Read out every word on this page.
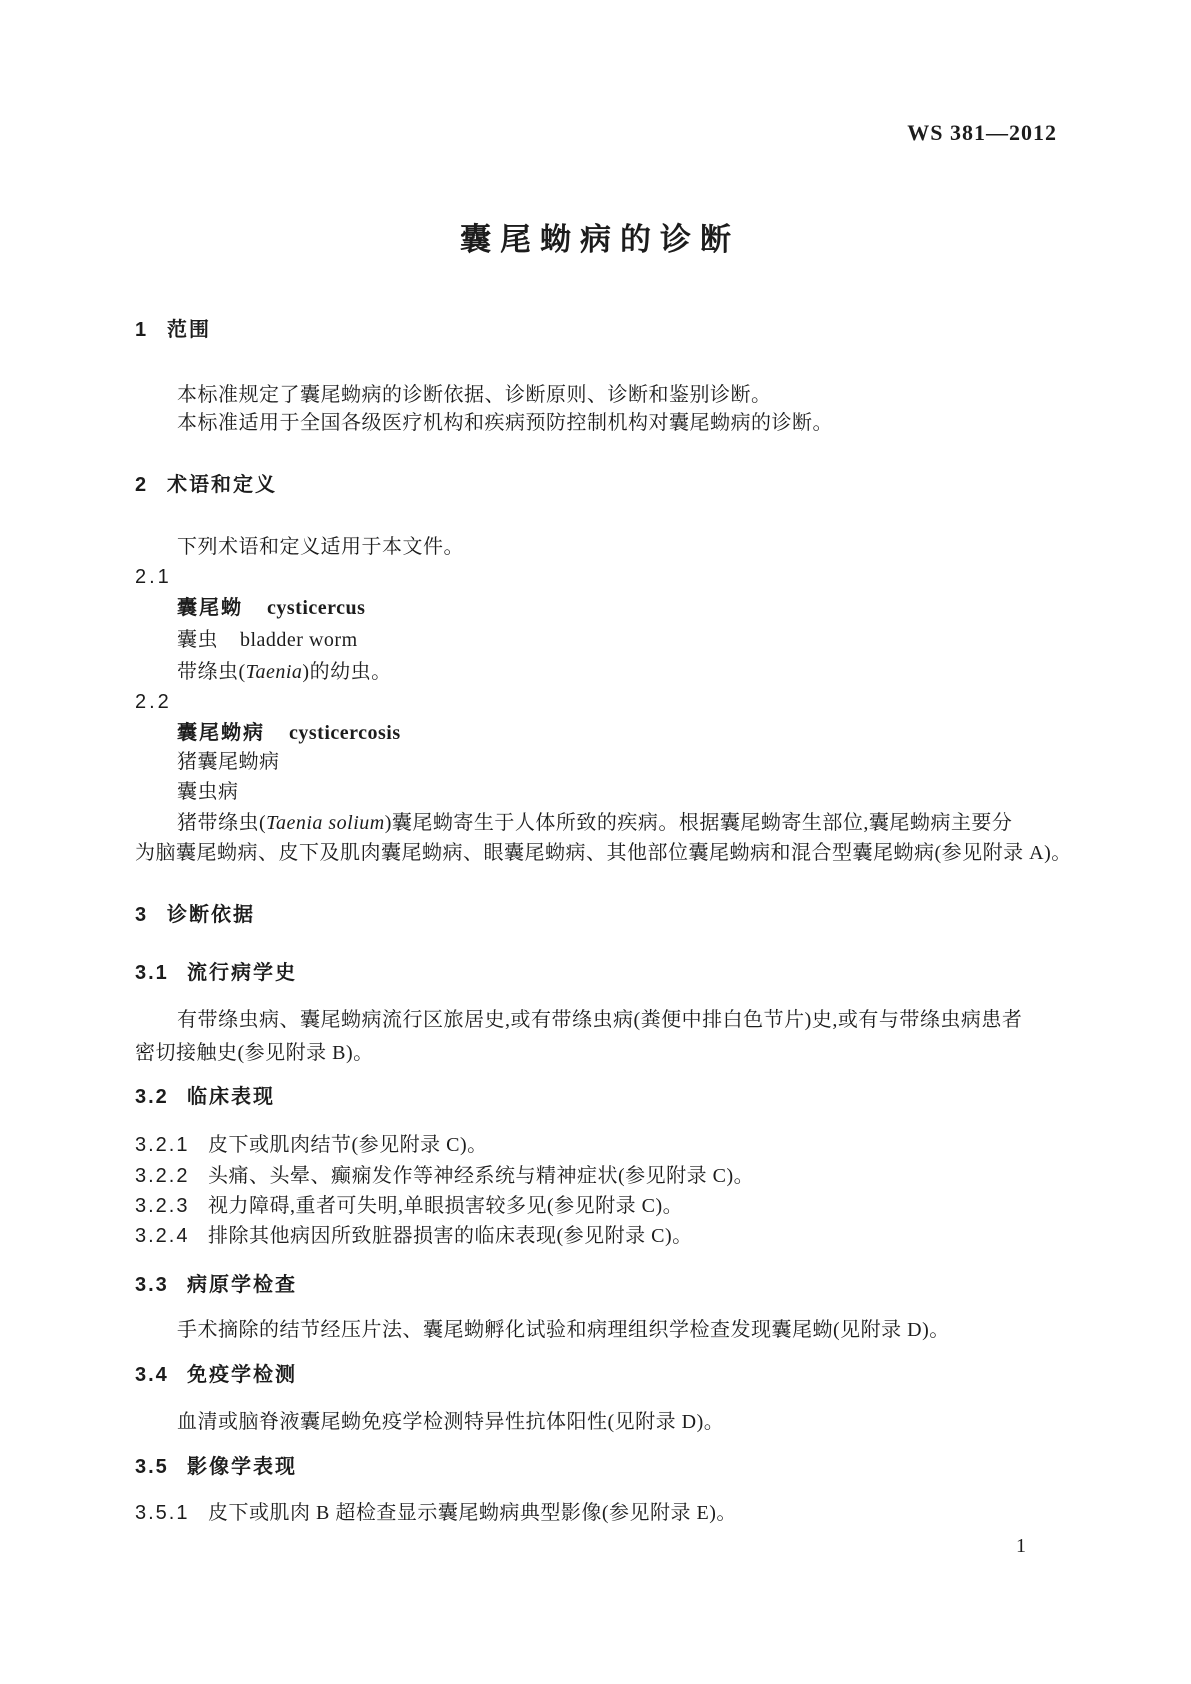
WS 381—2012
囊尾蚴病的诊断
1 范围
本标准规定了囊尾蚴病的诊断依据、诊断原则、诊断和鉴别诊断。
本标准适用于全国各级医疗机构和疾病预防控制机构对囊尾蚴病的诊断。
2 术语和定义
下列术语和定义适用于本文件。
2.1
囊尾蚴 cysticercus
囊虫 bladder worm
带绦虫(Taenia)的幼虫。
2.2
囊尾蚴病 cysticercosis
猪囊尾蚴病
囊虫病
猪带绦虫(Taenia solium)囊尾蚴寄生于人体所致的疾病。根据囊尾蚴寄生部位,囊尾蚴病主要分
为脑囊尾蚴病、皮下及肌肉囊尾蚴病、眼囊尾蚴病、其他部位囊尾蚴病和混合型囊尾蚴病(参见附录 A)。
3 诊断依据
3.1 流行病学史
有带绦虫病、囊尾蚴病流行区旅居史,或有带绦虫病(粪便中排白色节片)史,或有与带绦虫病患者
密切接触史(参见附录 B)。
3.2 临床表现
3.2.1 皮下或肌肉结节(参见附录 C)。
3.2.2 头痛、头晕、癫痫发作等神经系统与精神症状(参见附录 C)。
3.2.3 视力障碍,重者可失明,单眼损害较多见(参见附录 C)。
3.2.4 排除其他病因所致脏器损害的临床表现(参见附录 C)。
3.3 病原学检查
手术摘除的结节经压片法、囊尾蚴孵化试验和病理组织学检查发现囊尾蚴(见附录 D)。
3.4 免疫学检测
血清或脑脊液囊尾蚴免疫学检测特异性抗体阳性(见附录 D)。
3.5 影像学表现
3.5.1 皮下或肌肉 B 超检查显示囊尾蚴病典型影像(参见附录 E)。
1
